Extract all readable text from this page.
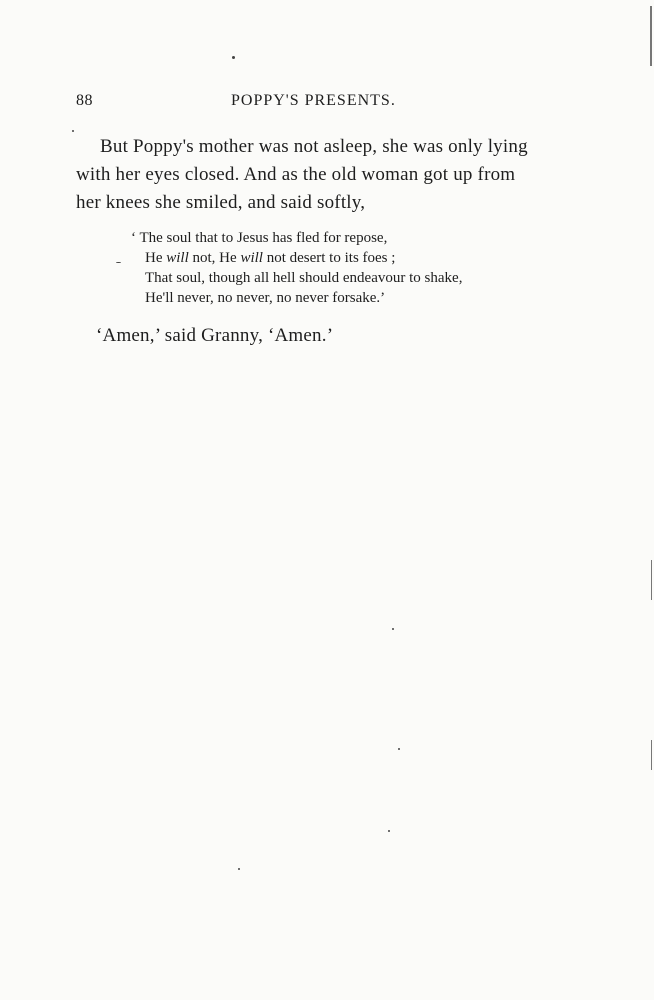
88	POPPY'S PRESENTS.
But Poppy's mother was not asleep, she was only lying
with her eyes closed. And as the old woman got up from
her knees she smiled, and said softly,
‘ The soul that to Jesus has fled for repose,
He will not, He will not desert to its foes ;
That soul, though all hell should endeavour to shake,
He'll never, no never, no never forsake.’
‘Amen,’ said Granny, ‘Amen.’
